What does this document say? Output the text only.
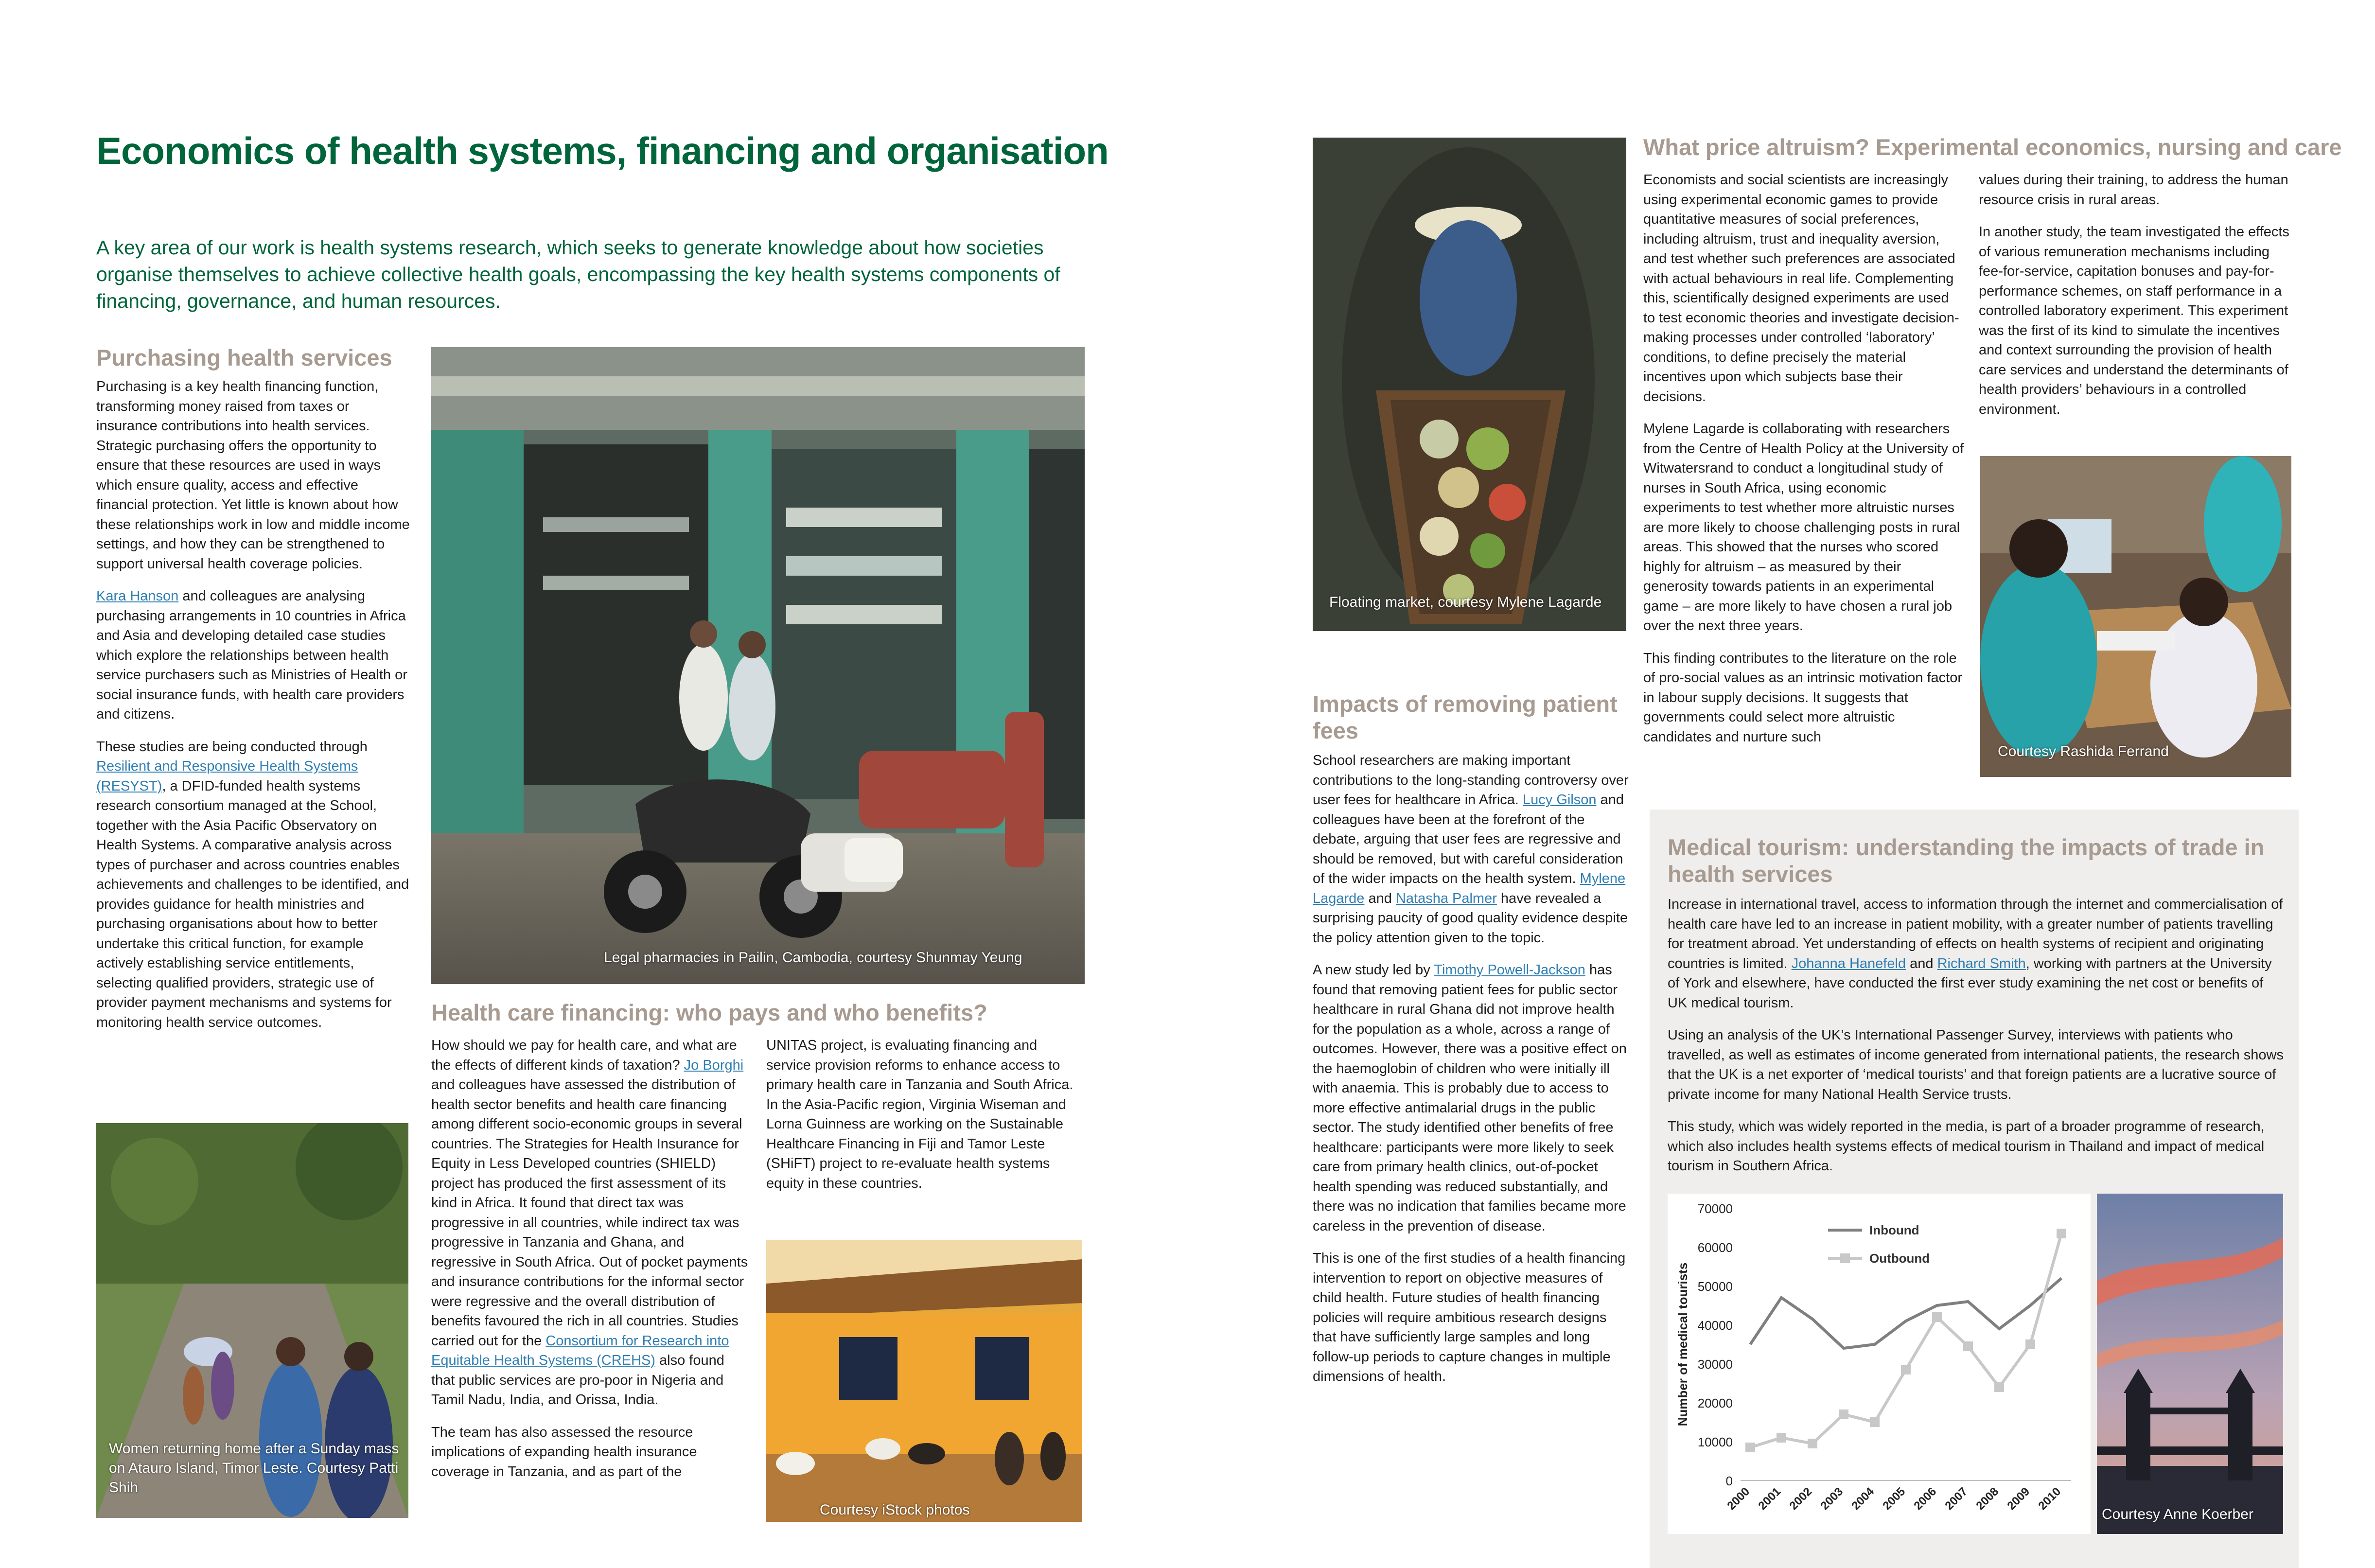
Economics of health systems, financing and organisation
A key area of our work is health systems research, which seeks to generate knowledge about how societies organise themselves to achieve collective health goals, encompassing the key health systems components of financing, governance, and human resources.
Purchasing health services

Purchasing is a key health financing function, transforming money raised from taxes or insurance contributions into health services. Strategic purchasing offers the opportunity to ensure that these resources are used in ways which ensure quality, access and effective financial protection. Yet little is known about how these relationships work in low and middle income settings, and how they can be strengthened to support universal health coverage policies.

Kara Hanson and colleagues are analysing purchasing arrangements in 10 countries in Africa and Asia and developing detailed case studies which explore the relationships between health service purchasers such as Ministries of Health or social insurance funds, with health care providers and citizens.

These studies are being conducted through Resilient and Responsive Health Systems (RESYST), a DFID-funded health systems research consortium managed at the School, together with the Asia Pacific Observatory on Health Systems. A comparative analysis across types of purchaser and across countries enables achievements and challenges to be identified, and provides guidance for health ministries and purchasing organisations about how to better undertake this critical function, for example actively establishing service entitlements, selecting qualified providers, strategic use of provider payment mechanisms and systems for monitoring health service outcomes.

Legal pharmacies in Pailin, Cambodia, courtesy Shunmay Yeung
Women returning home after a Sunday mass on Atauro Island, Timor Leste. Courtesy Patti Shih
Health care financing: who pays and who benefits?

How should we pay for health care, and what are the effects of different kinds of taxation? Jo Borghi and colleagues have assessed the distribution of health sector benefits and health care financing among different socio-economic groups in several countries. The Strategies for Health Insurance for Equity in Less Developed countries (SHIELD) project has produced the first assessment of its kind in Africa. It found that direct tax was progressive in all countries, while indirect tax was progressive in Tanzania and Ghana, and regressive in South Africa. Out of pocket payments and insurance contributions for the informal sector were regressive and the overall distribution of benefits favoured the rich in all countries. Studies carried out for the Consortium for Research into Equitable Health Systems (CREHS) also found that public services are pro-poor in Nigeria and Tamil Nadu, India, and Orissa, India.

The team has also assessed the resource implications of expanding health insurance coverage in Tanzania, and as part of the

UNITAS project, is evaluating financing and service provision reforms to enhance access to primary health care in Tanzania and South Africa. In the Asia-Pacific region, Virginia Wiseman and Lorna Guinness are working on the Sustainable Healthcare Financing in Fiji and Tamor Leste (SHiFT) project to re-evaluate health systems equity in these countries.

Courtesy iStock photos
Floating market, courtesy Mylene Lagarde
What price altruism? Experimental economics, nursing and care

Economists and social scientists are increasingly using experimental economic games to provide quantitative measures of social preferences, including altruism, trust and inequality aversion, and test whether such preferences are associated with actual behaviours in real life. Complementing this, scientifically designed experiments are used to test economic theories and investigate decision-making processes under controlled ‘laboratory’ conditions, to define precisely the material incentives upon which subjects base their decisions.

Mylene Lagarde is collaborating with researchers from the Centre of Health Policy at the University of Witwatersrand to conduct a longitudinal study of nurses in South Africa, using economic experiments to test whether more altruistic nurses are more likely to choose challenging posts in rural areas. This showed that the nurses who scored highly for altruism – as measured by their generosity towards patients in an experimental game – are more likely to have chosen a rural job over the next three years.

This finding contributes to the literature on the role of pro-social values as an intrinsic motivation factor in labour supply decisions. It suggests that governments could select more altruistic candidates and nurture such

values during their training, to address the human resource crisis in rural areas.

In another study, the team investigated the effects of various remuneration mechanisms including fee-for-service, capitation bonuses and pay-for-performance schemes, on staff performance in a controlled laboratory experiment. This experiment was the first of its kind to simulate the incentives and context surrounding the provision of health care services and understand the determinants of health providers’ behaviours in a controlled environment.

Courtesy Rashida Ferrand
Impacts of removing patient fees

School researchers are making important contributions to the long-standing controversy over user fees for healthcare in Africa. Lucy Gilson and colleagues have been at the forefront of the debate, arguing that user fees are regressive and should be removed, but with careful consideration of the wider impacts on the health system. Mylene Lagarde and Natasha Palmer have revealed a surprising paucity of good quality evidence despite the policy attention given to the topic.

A new study led by Timothy Powell-Jackson has found that removing patient fees for public sector healthcare in rural Ghana did not improve health for the population as a whole, across a range of outcomes. However, there was a positive effect on the haemoglobin of children who were initially ill with anaemia. This is probably due to access to more effective antimalarial drugs in the public sector. The study identified other benefits of free healthcare: participants were more likely to seek care from primary health clinics, out-of-pocket health spending was reduced substantially, and there was no indication that families became more careless in the prevention of disease.

This is one of the first studies of a health financing intervention to report on objective measures of child health. Future studies of health financing policies will require ambitious research designs that have sufficiently large samples and long follow-up periods to capture changes in multiple dimensions of health.

Medical tourism: understanding the impacts of trade in health services

Increase in international travel, access to information through the internet and commercialisation of health care have led to an increase in patient mobility, with a greater number of patients travelling for treatment abroad. Yet understanding of effects on health systems of recipient and originating countries is limited. Johanna Hanefeld and Richard Smith, working with partners at the University of York and elsewhere, have conducted the first ever study examining the net cost or benefits of UK medical tourism.

Using an analysis of the UK’s International Passenger Survey, interviews with patients who travelled, as well as estimates of income generated from international patients, the research shows that the UK is a net exporter of ‘medical tourists’ and that foreign patients are a lucrative source of private income for many National Health Service trusts.

This study, which was widely reported in the media, is part of a broader programme of research, which also includes health systems effects of medical tourism in Thailand and impact of medical tourism in Southern Africa.

0
10000
20000
30000
40000
50000
60000
70000
2000 2001 2002 2003 2004 2005 2006 2007 2008 2009 2010
Number of medical tourists
Inbound
Outbound
Courtesy Anne Koerber
